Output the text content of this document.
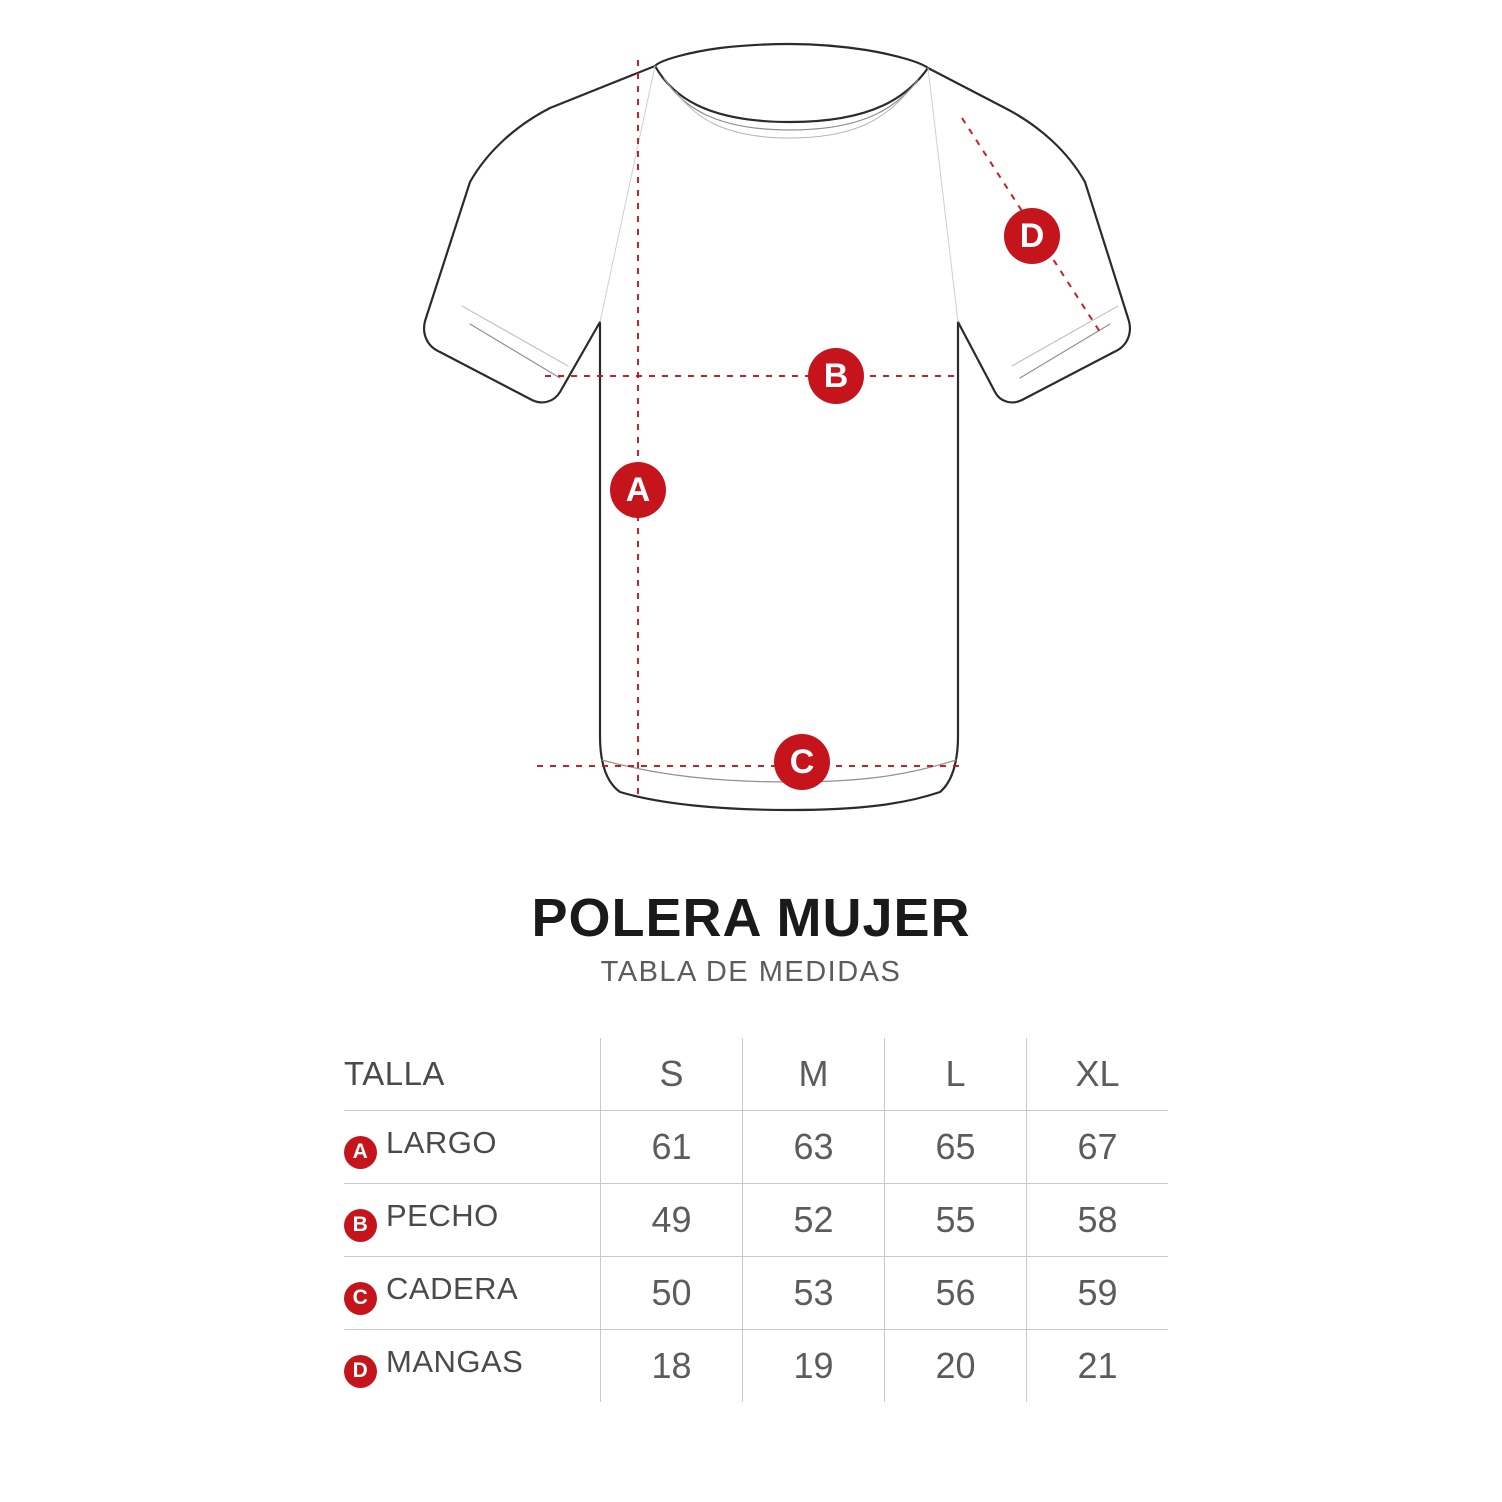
A
B
C
D
POLERA MUJER
TABLA DE MEDIDAS
TALLA	S	M	L	XL
A LARGO	61	63	65	67
B PECHO	49	52	55	58
C CADERA	50	53	56	59
D MANGAS	18	19	20	21
